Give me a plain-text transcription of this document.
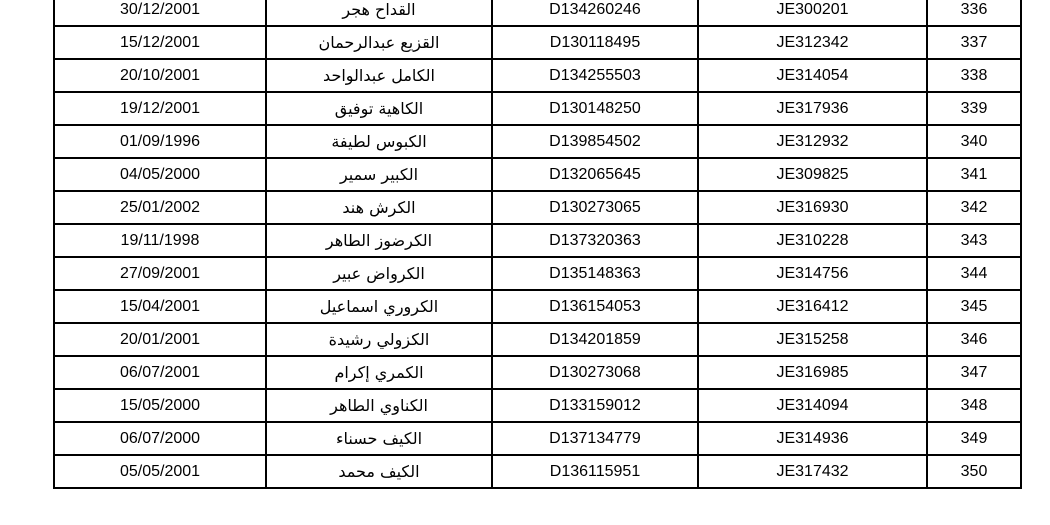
30/12/2001	القداح هجر	D134260246	JE300201	336
15/12/2001	القزيع عبدالرحمان	D130118495	JE312342	337
20/10/2001	الكامل عبدالواحد	D134255503	JE314054	338
19/12/2001	الكاهية توفيق	D130148250	JE317936	339
01/09/1996	الكبوس لطيفة	D139854502	JE312932	340
04/05/2000	الكبير سمير	D132065645	JE309825	341
25/01/2002	الكرش هند	D130273065	JE316930	342
19/11/1998	الكرضوز الطاهر	D137320363	JE310228	343
27/09/2001	الكرواض عبير	D135148363	JE314756	344
15/04/2001	الكروري اسماعيل	D136154053	JE316412	345
20/01/2001	الكزولي رشيدة	D134201859	JE315258	346
06/07/2001	الكمري إكرام	D130273068	JE316985	347
15/05/2000	الكناوي الطاهر	D133159012	JE314094	348
06/07/2000	الكيف حسناء	D137134779	JE314936	349
05/05/2001	الكيف محمد	D136115951	JE317432	350
